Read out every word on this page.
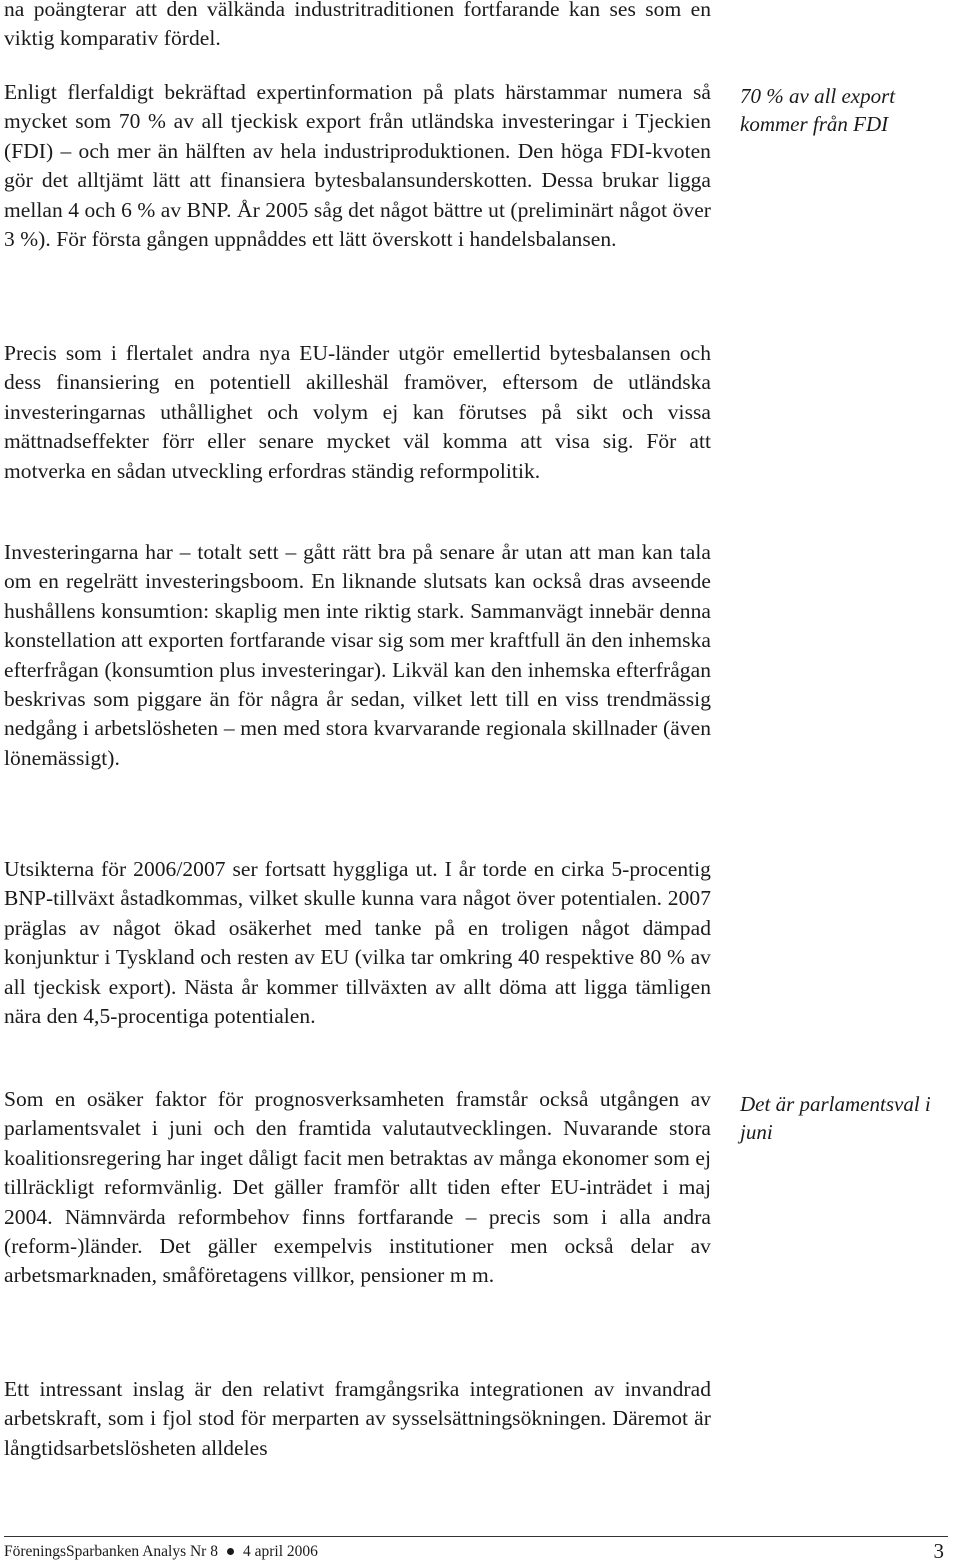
na poängterar att den välkända industritraditionen fortfarande kan ses som en viktig komparativ fördel.

Enligt flerfaldigt bekräftad expertinformation på plats härstammar numera så mycket som 70 % av all tjeckisk export från utländska investeringar i Tjeckien (FDI) – och mer än hälften av hela industriproduktionen. Den höga FDI-kvoten gör det alltjämt lätt att finansiera bytesbalansunderskotten. Dessa brukar ligga mellan 4 och 6 % av BNP. År 2005 såg det något bättre ut (preliminärt något över 3 %). För första gången uppnåddes ett lätt överskott i handelsbalansen.

Precis som i flertalet andra nya EU-länder utgör emellertid bytesbalansen och dess finansiering en potentiell akilleshäl framöver, eftersom de utländska investeringarnas uthållighet och volym ej kan förutses på sikt och vissa mättnadseffekter förr eller senare mycket väl komma att visa sig. För att motverka en sådan utveckling erfordras ständig reformpolitik.

Investeringarna har – totalt sett – gått rätt bra på senare år utan att man kan tala om en regelrätt investeringsboom. En liknande slutsats kan också dras avseende hushållens konsumtion: skaplig men inte riktig stark. Sammanvägt innebär denna konstellation att exporten fortfarande visar sig som mer kraftfull än den inhemska efterfrågan (konsumtion plus investeringar). Likväl kan den inhemska efterfrågan beskrivas som piggare än för några år sedan, vilket lett till en viss trendmässig nedgång i arbetslösheten – men med stora kvarvarande regionala skillnader (även lönemässigt).

Utsikterna för 2006/2007 ser fortsatt hyggliga ut. I år torde en cirka 5-procentig BNP-tillväxt åstadkommas, vilket skulle kunna vara något över potentialen. 2007 präglas av något ökad osäkerhet med tanke på en troligen något dämpad konjunktur i Tyskland och resten av EU (vilka tar omkring 40 respektive 80 % av all tjeckisk export). Nästa år kommer tillväxten av allt döma att ligga tämligen nära den 4,5-procentiga potentialen.

Som en osäker faktor för prognosverksamheten framstår också utgången av parlamentsvalet i juni och den framtida valutautvecklingen. Nuvarande stora koalitionsregering har inget dåligt facit men betraktas av många ekonomer som ej tillräckligt reformvänlig. Det gäller framför allt tiden efter EU-inträdet i maj 2004. Nämnvärda reformbehov finns fortfarande – precis som i alla andra (reform-)länder. Det gäller exempelvis institutioner men också delar av arbetsmarknaden, småföretagens villkor, pensioner m m.

Ett intressant inslag är den relativt framgångsrika integrationen av invandrad arbetskraft, som i fjol stod för merparten av sysselsättningsökningen. Däremot är långtidsarbetslösheten alldeles

70 % av all export kommer från FDI

Det är parlamentsval i juni

FöreningsSparbanken Analys Nr 8 4 april 2006	3
